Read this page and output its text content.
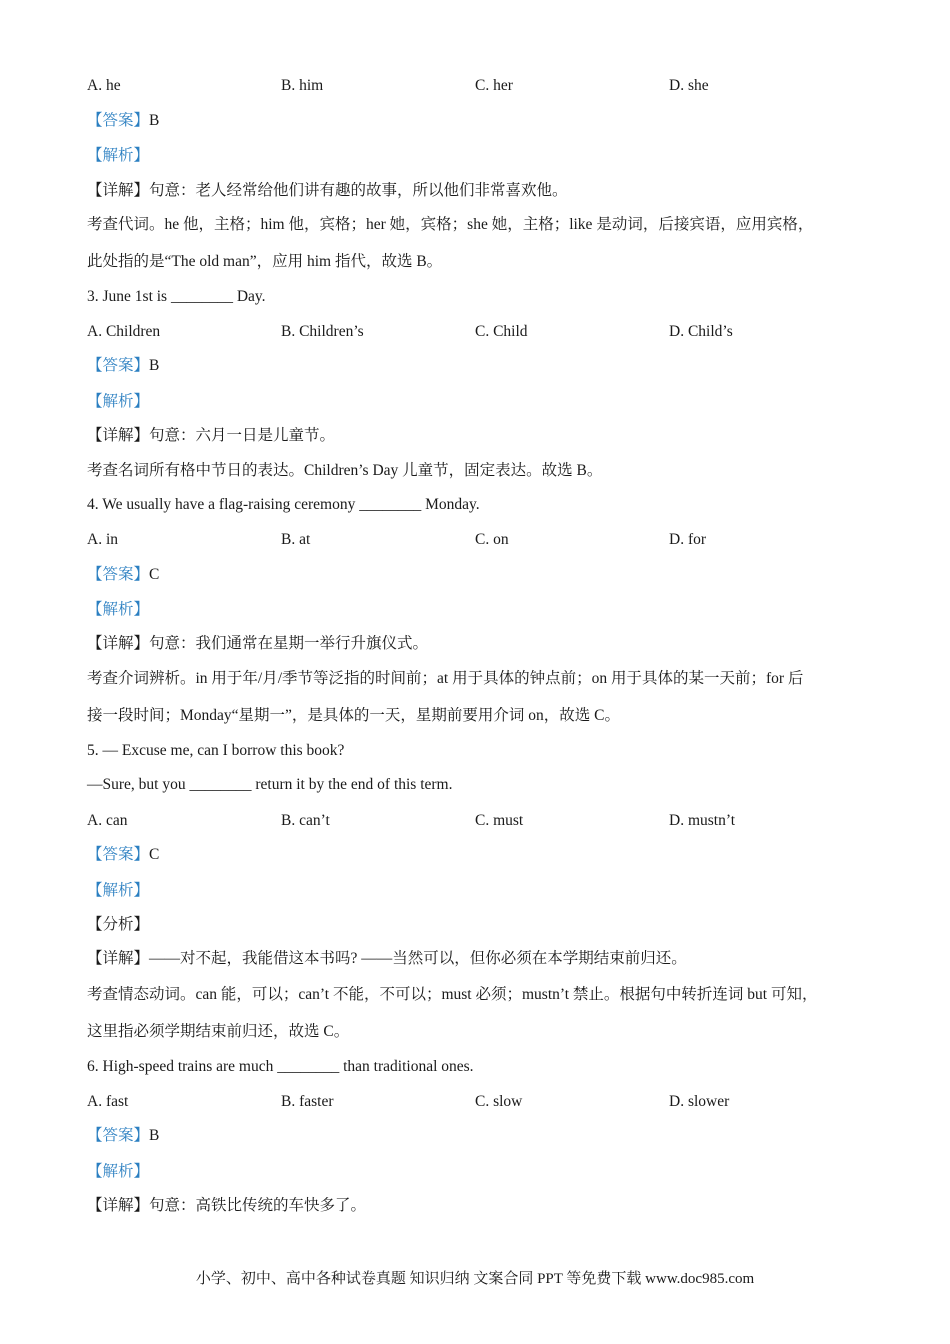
A. he	B. him	C. her	D. she
【答案】B
【解析】
【详解】句意：老人经常给他们讲有趣的故事，所以他们非常喜欢他。
考查代词。he 他，主格；him 他，宾格；her 她，宾格；she 她，主格；like 是动词，后接宾语，应用宾格，
此处指的是“The old man”，应用 him 指代，故选 B。
3. June 1st is ________ Day.
A. Children	B. Children’s	C. Child	D. Child’s
【答案】B
【解析】
【详解】句意：六月一日是儿童节。
考查名词所有格中节日的表达。Children’s Day 儿童节，固定表达。故选 B。
4. We usually have a flag-raising ceremony ________ Monday.
A. in	B. at	C. on	D. for
【答案】C
【解析】
【详解】句意：我们通常在星期一举行升旗仪式。
考查介词辨析。in 用于年/月/季节等泛指的时间前；at 用于具体的钟点前；on 用于具体的某一天前；for 后
接一段时间；Monday“星期一”，是具体的一天，星期前要用介词 on，故选 C。
5. — Excuse me, can I borrow this book?
—Sure, but you ________ return it by the end of this term.
A. can	B. can’t	C. must	D. mustn’t
【答案】C
【解析】
【分析】
【详解】——对不起，我能借这本书吗? ——当然可以，但你必须在本学期结束前归还。
考查情态动词。can 能，可以；can’t 不能，不可以；must 必须；mustn’t 禁止。根据句中转折连词 but 可知，
这里指必须学期结束前归还，故选 C。
6. High-speed trains are much ________ than traditional ones.
A. fast	B. faster	C. slow	D. slower
【答案】B
【解析】
【详解】句意：高铁比传统的车快多了。
小学、初中、高中各种试卷真题 知识归纳 文案合同 PPT 等免费下载 www.doc985.com
